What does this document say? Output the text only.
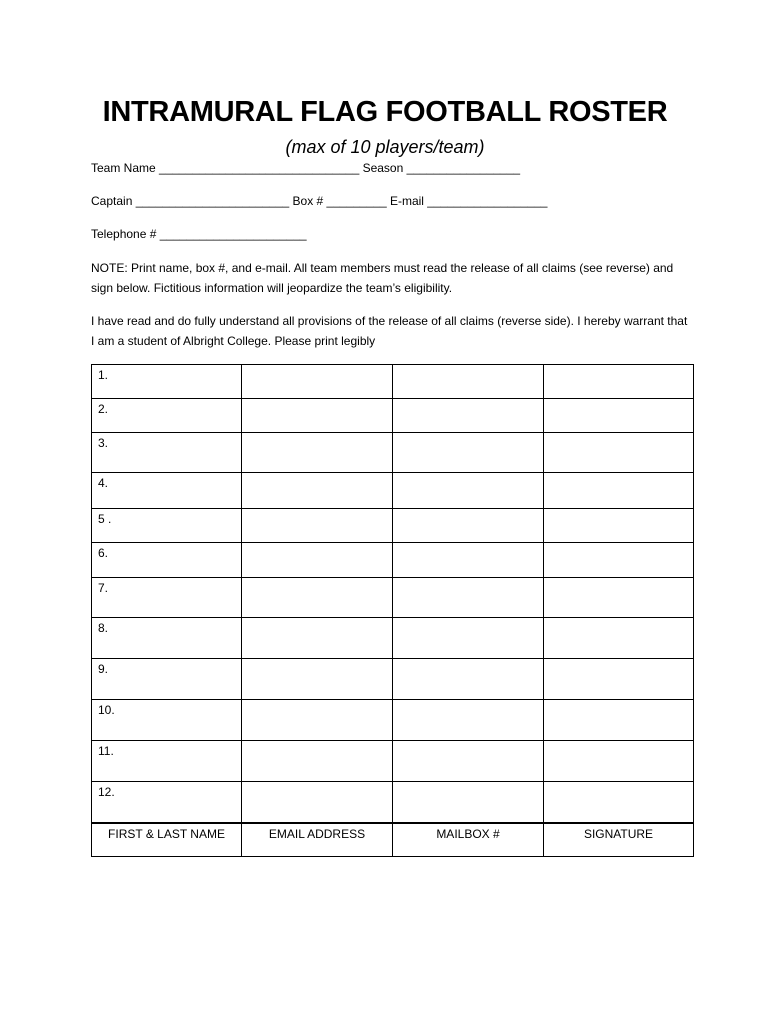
INTRAMURAL FLAG FOOTBALL ROSTER
(max of 10 players/team)
Team Name ______________________________ Season _________________
Captain _______________________ Box # _________ E-mail __________________
Telephone # ______________________
NOTE: Print name, box #, and e-mail. All team members must read the release of all claims (see reverse) and sign below. Fictitious information will jeopardize the team’s eligibility.
I have read and do fully understand all provisions of the release of all claims (reverse side). I hereby warrant that I am a student of Albright College. Please print legibly
1.			
2.			
3.			
4.			
5 .			
6.			
7.			
8.			
9.			
10.			
11.			
12.			
FIRST & LAST NAME	EMAIL ADDRESS	MAILBOX #	SIGNATURE
